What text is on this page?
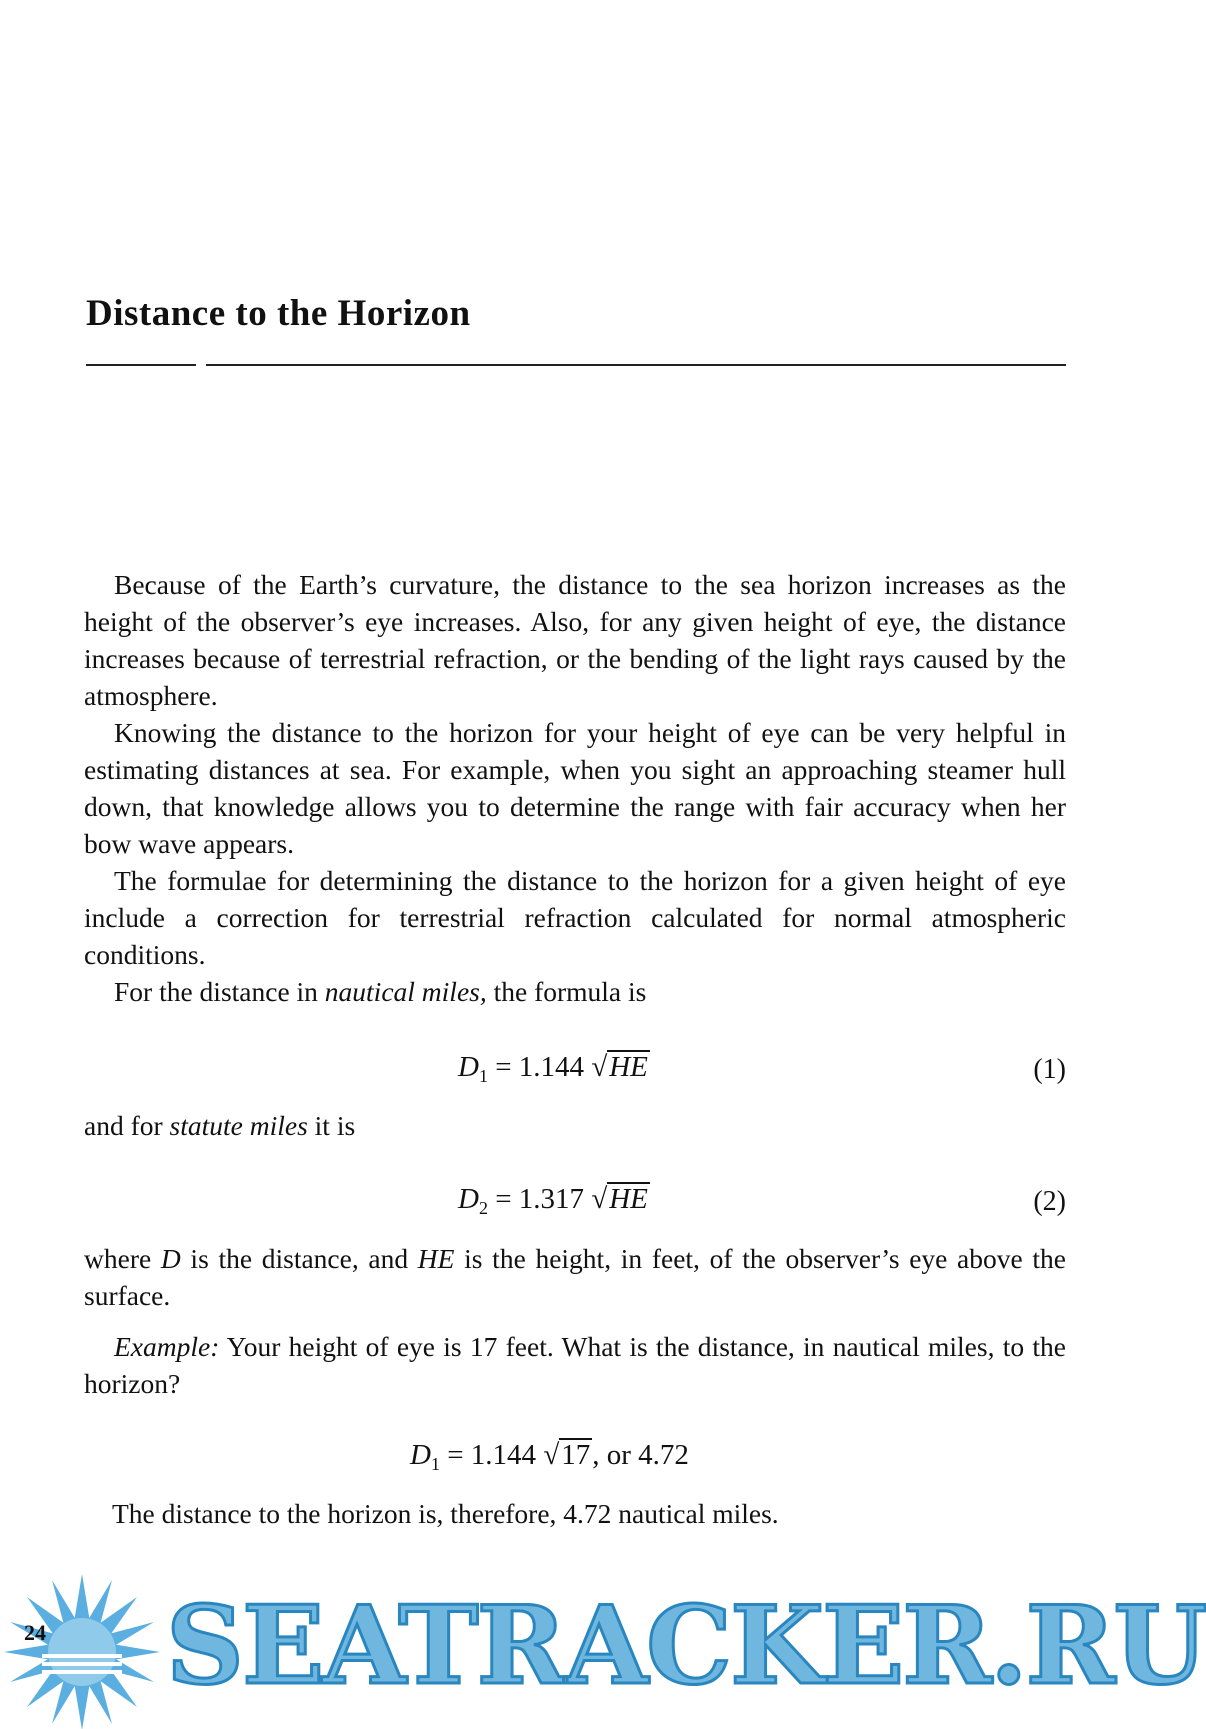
Distance to the Horizon

Because of the Earth’s curvature, the distance to the sea horizon increases as the height of the observer’s eye increases. Also, for any given height of eye, the distance increases because of terrestrial refraction, or the bending of the light rays caused by the atmosphere.

Knowing the distance to the horizon for your height of eye can be very helpful in estimating distances at sea. For example, when you sight an approaching steamer hull down, that knowledge allows you to determine the range with fair accuracy when her bow wave appears.

The formulae for determining the distance to the horizon for a given height of eye include a correction for terrestrial refraction calculated for normal atmospheric conditions.

For the distance in nautical miles, the formula is

$D_1 = 1.144$ √HE	(1)
and for statute miles it is
$D_2 = 1.317$ √HE	(2)
where D is the distance, and HE is the height, in feet, of the observer’s eye above the surface.
Example: Your height of eye is 17 feet. What is the distance, in nautical miles, to the horizon?
$D_1 = 1.144$ √17, or 4.72
The distance to the horizon is, therefore, 4.72 nautical miles.
24 SEATRACKER.RU
